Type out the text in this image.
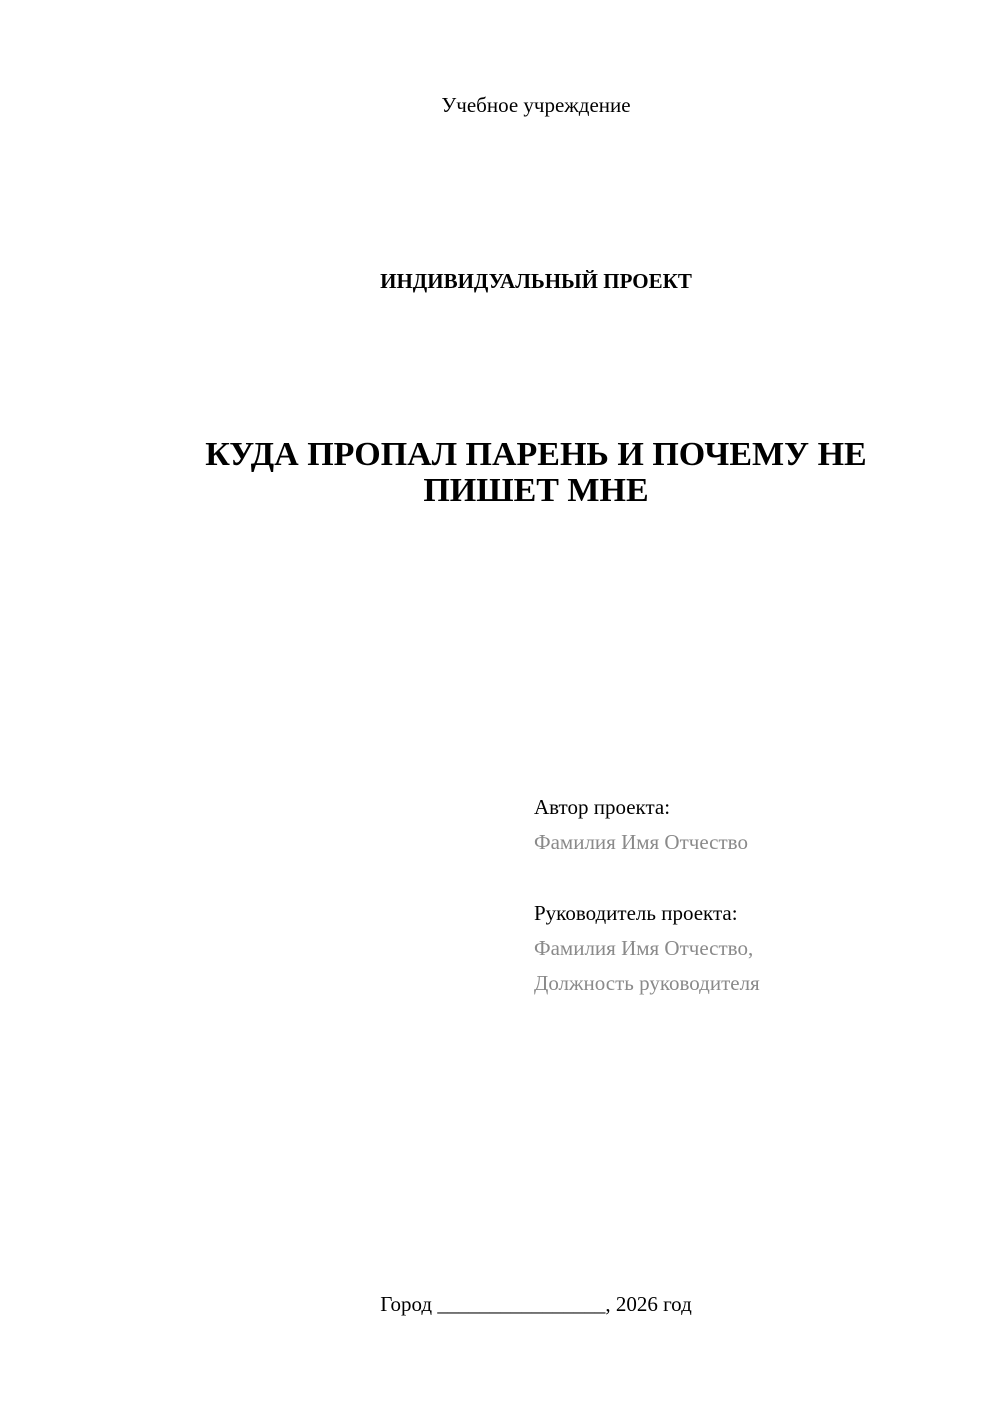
Учебное учреждение
ИНДИВИДУАЛЬНЫЙ ПРОЕКТ
КУДА ПРОПАЛ ПАРЕНЬ И ПОЧЕМУ НЕ
ПИШЕТ МНЕ
Автор проекта:
Фамилия Имя Отчество
Руководитель проекта:
Фамилия Имя Отчество,
Должность руководителя
Город ________________, 2026 год
